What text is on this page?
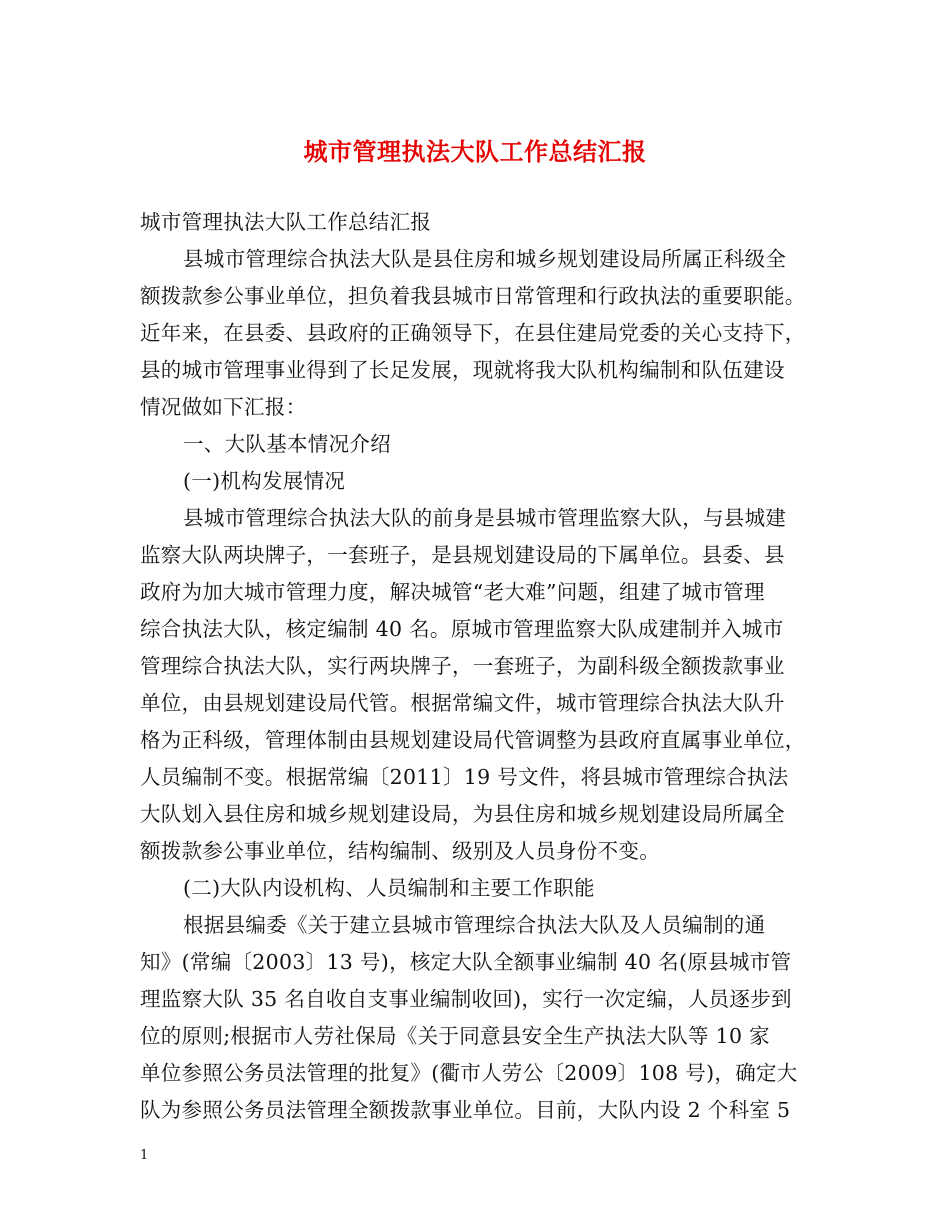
城市管理执法大队工作总结汇报
城市管理执法大队工作总结汇报
县城市管理综合执法大队是县住房和城乡规划建设局所属正科级全
额拨款参公事业单位，担负着我县城市日常管理和行政执法的重要职能。
近年来，在县委、县政府的正确领导下，在县住建局党委的关心支持下，
县的城市管理事业得到了长足发展，现就将我大队机构编制和队伍建设
情况做如下汇报：
一、大队基本情况介绍
(一)机构发展情况
县城市管理综合执法大队的前身是县城市管理监察大队，与县城建
监察大队两块牌子，一套班子，是县规划建设局的下属单位。县委、县
政府为加大城市管理力度，解决城管“老大难”问题，组建了城市管理
综合执法大队，核定编制 40 名。原城市管理监察大队成建制并入城市
管理综合执法大队，实行两块牌子，一套班子，为副科级全额拨款事业
单位，由县规划建设局代管。根据常编文件，城市管理综合执法大队升
格为正科级，管理体制由县规划建设局代管调整为县政府直属事业单位，
人员编制不变。根据常编〔2011〕19 号文件，将县城市管理综合执法
大队划入县住房和城乡规划建设局，为县住房和城乡规划建设局所属全
额拨款参公事业单位，结构编制、级别及人员身份不变。
(二)大队内设机构、人员编制和主要工作职能
根据县编委《关于建立县城市管理综合执法大队及人员编制的通
知》(常编〔2003〕13 号)，核定大队全额事业编制 40 名(原县城市管
理监察大队 35 名自收自支事业编制收回)，实行一次定编，人员逐步到
位的原则;根据市人劳社保局《关于同意县安全生产执法大队等 10 家
单位参照公务员法管理的批复》(衢市人劳公〔2009〕108 号)，确定大
队为参照公务员法管理全额拨款事业单位。目前，大队内设 2 个科室 5
1
